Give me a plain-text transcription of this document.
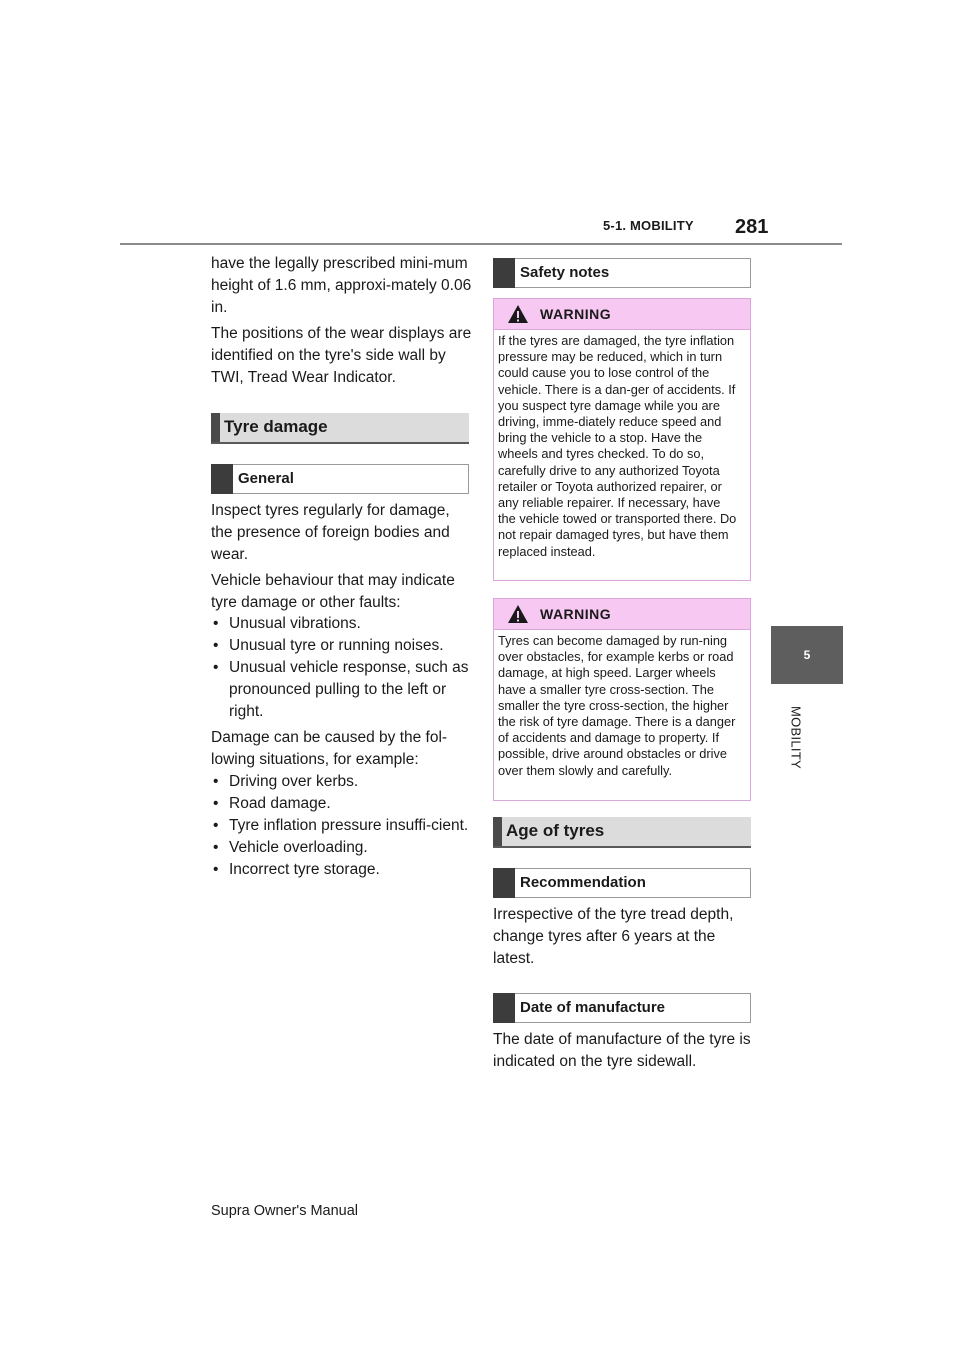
5-1. MOBILITY 281
5
MOBILITY

have the legally prescribed mini-mum height of 1.6 mm, approxi-mately 0.06 in.

The positions of the wear displays are identified on the tyre's side wall by TWI, Tread Wear Indicator.

Tyre damage
General

Inspect tyres regularly for damage, the presence of foreign bodies and wear.

Vehicle behaviour that may indicate tyre damage or other faults:

• Unusual vibrations.
• Unusual tyre or running noises.
• Unusual vehicle response, such as pronounced pulling to the left or right.

Damage can be caused by the fol-lowing situations, for example:

• Driving over kerbs.
• Road damage.
• Tyre inflation pressure insuffi-cient.
• Vehicle overloading.
• Incorrect tyre storage.
Safety notes
WARNING
If the tyres are damaged, the tyre inflation pressure may be reduced, which in turn could cause you to lose control of the vehicle. There is a dan-ger of accidents. If you suspect tyre damage while you are driving, imme-diately reduce speed and bring the vehicle to a stop. Have the wheels and tyres checked. To do so, carefully drive to any authorized Toyota retailer or Toyota authorized repairer, or any reliable repairer. If necessary, have the vehicle towed or transported there. Do not repair damaged tyres, but have them replaced instead.
WARNING
Tyres can become damaged by run-ning over obstacles, for example kerbs or road damage, at high speed. Larger wheels have a smaller tyre cross-section. The smaller the tyre cross-section, the higher the risk of tyre damage. There is a danger of accidents and damage to property. If possible, drive around obstacles or drive over them slowly and carefully.
Age of tyres
Recommendation

Irrespective of the tyre tread depth, change tyres after 6 years at the latest.

Date of manufacture

The date of manufacture of the tyre is indicated on the tyre sidewall.

Supra Owner's Manual
